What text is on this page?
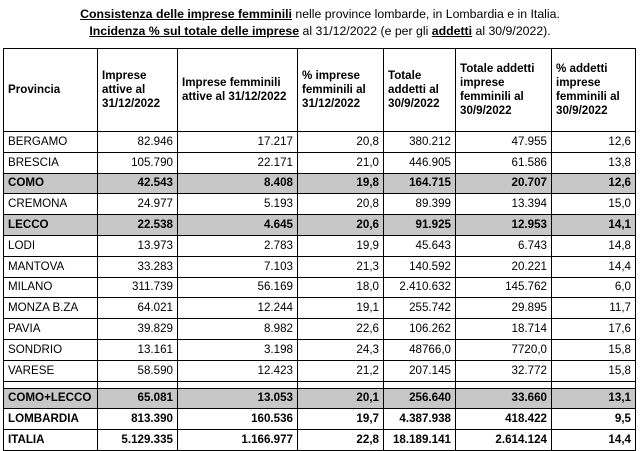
Consistenza delle imprese femminili nelle province lombarde, in Lombardia e in Italia.
Incidenza % sul totale delle imprese al 31/12/2022 (e per gli addetti al 30/9/2022).
Provincia	Imprese attive al 31/12/2022	Imprese femminili attive al 31/12/2022	% imprese femminili al 31/12/2022	Totale addetti al 30/9/2022	Totale addetti imprese femminili al 30/9/2022	% addetti imprese femminili al 30/9/2022
BERGAMO	82.946	17.217	20,8	380.212	47.955	12,6
BRESCIA	105.790	22.171	21,0	446.905	61.586	13,8
COMO	42.543	8.408	19,8	164.715	20.707	12,6
CREMONA	24.977	5.193	20,8	89.399	13.394	15,0
LECCO	22.538	4.645	20,6	91.925	12.953	14,1
LODI	13.973	2.783	19,9	45.643	6.743	14,8
MANTOVA	33.283	7.103	21,3	140.592	20.221	14,4
MILANO	311.739	56.169	18,0	2.410.632	145.762	6,0
MONZA B.ZA	64.021	12.244	19,1	255.742	29.895	11,7
PAVIA	39.829	8.982	22,6	106.262	18.714	17,6
SONDRIO	13.161	3.198	24,3	48766,0	7720,0	15,8
VARESE	58.590	12.423	21,2	207.145	32.772	15,8

COMO+LECCO	65.081	13.053	20,1	256.640	33.660	13,1
LOMBARDIA	813.390	160.536	19,7	4.387.938	418.422	9,5
ITALIA	5.129.335	1.166.977	22,8	18.189.141	2.614.124	14,4
